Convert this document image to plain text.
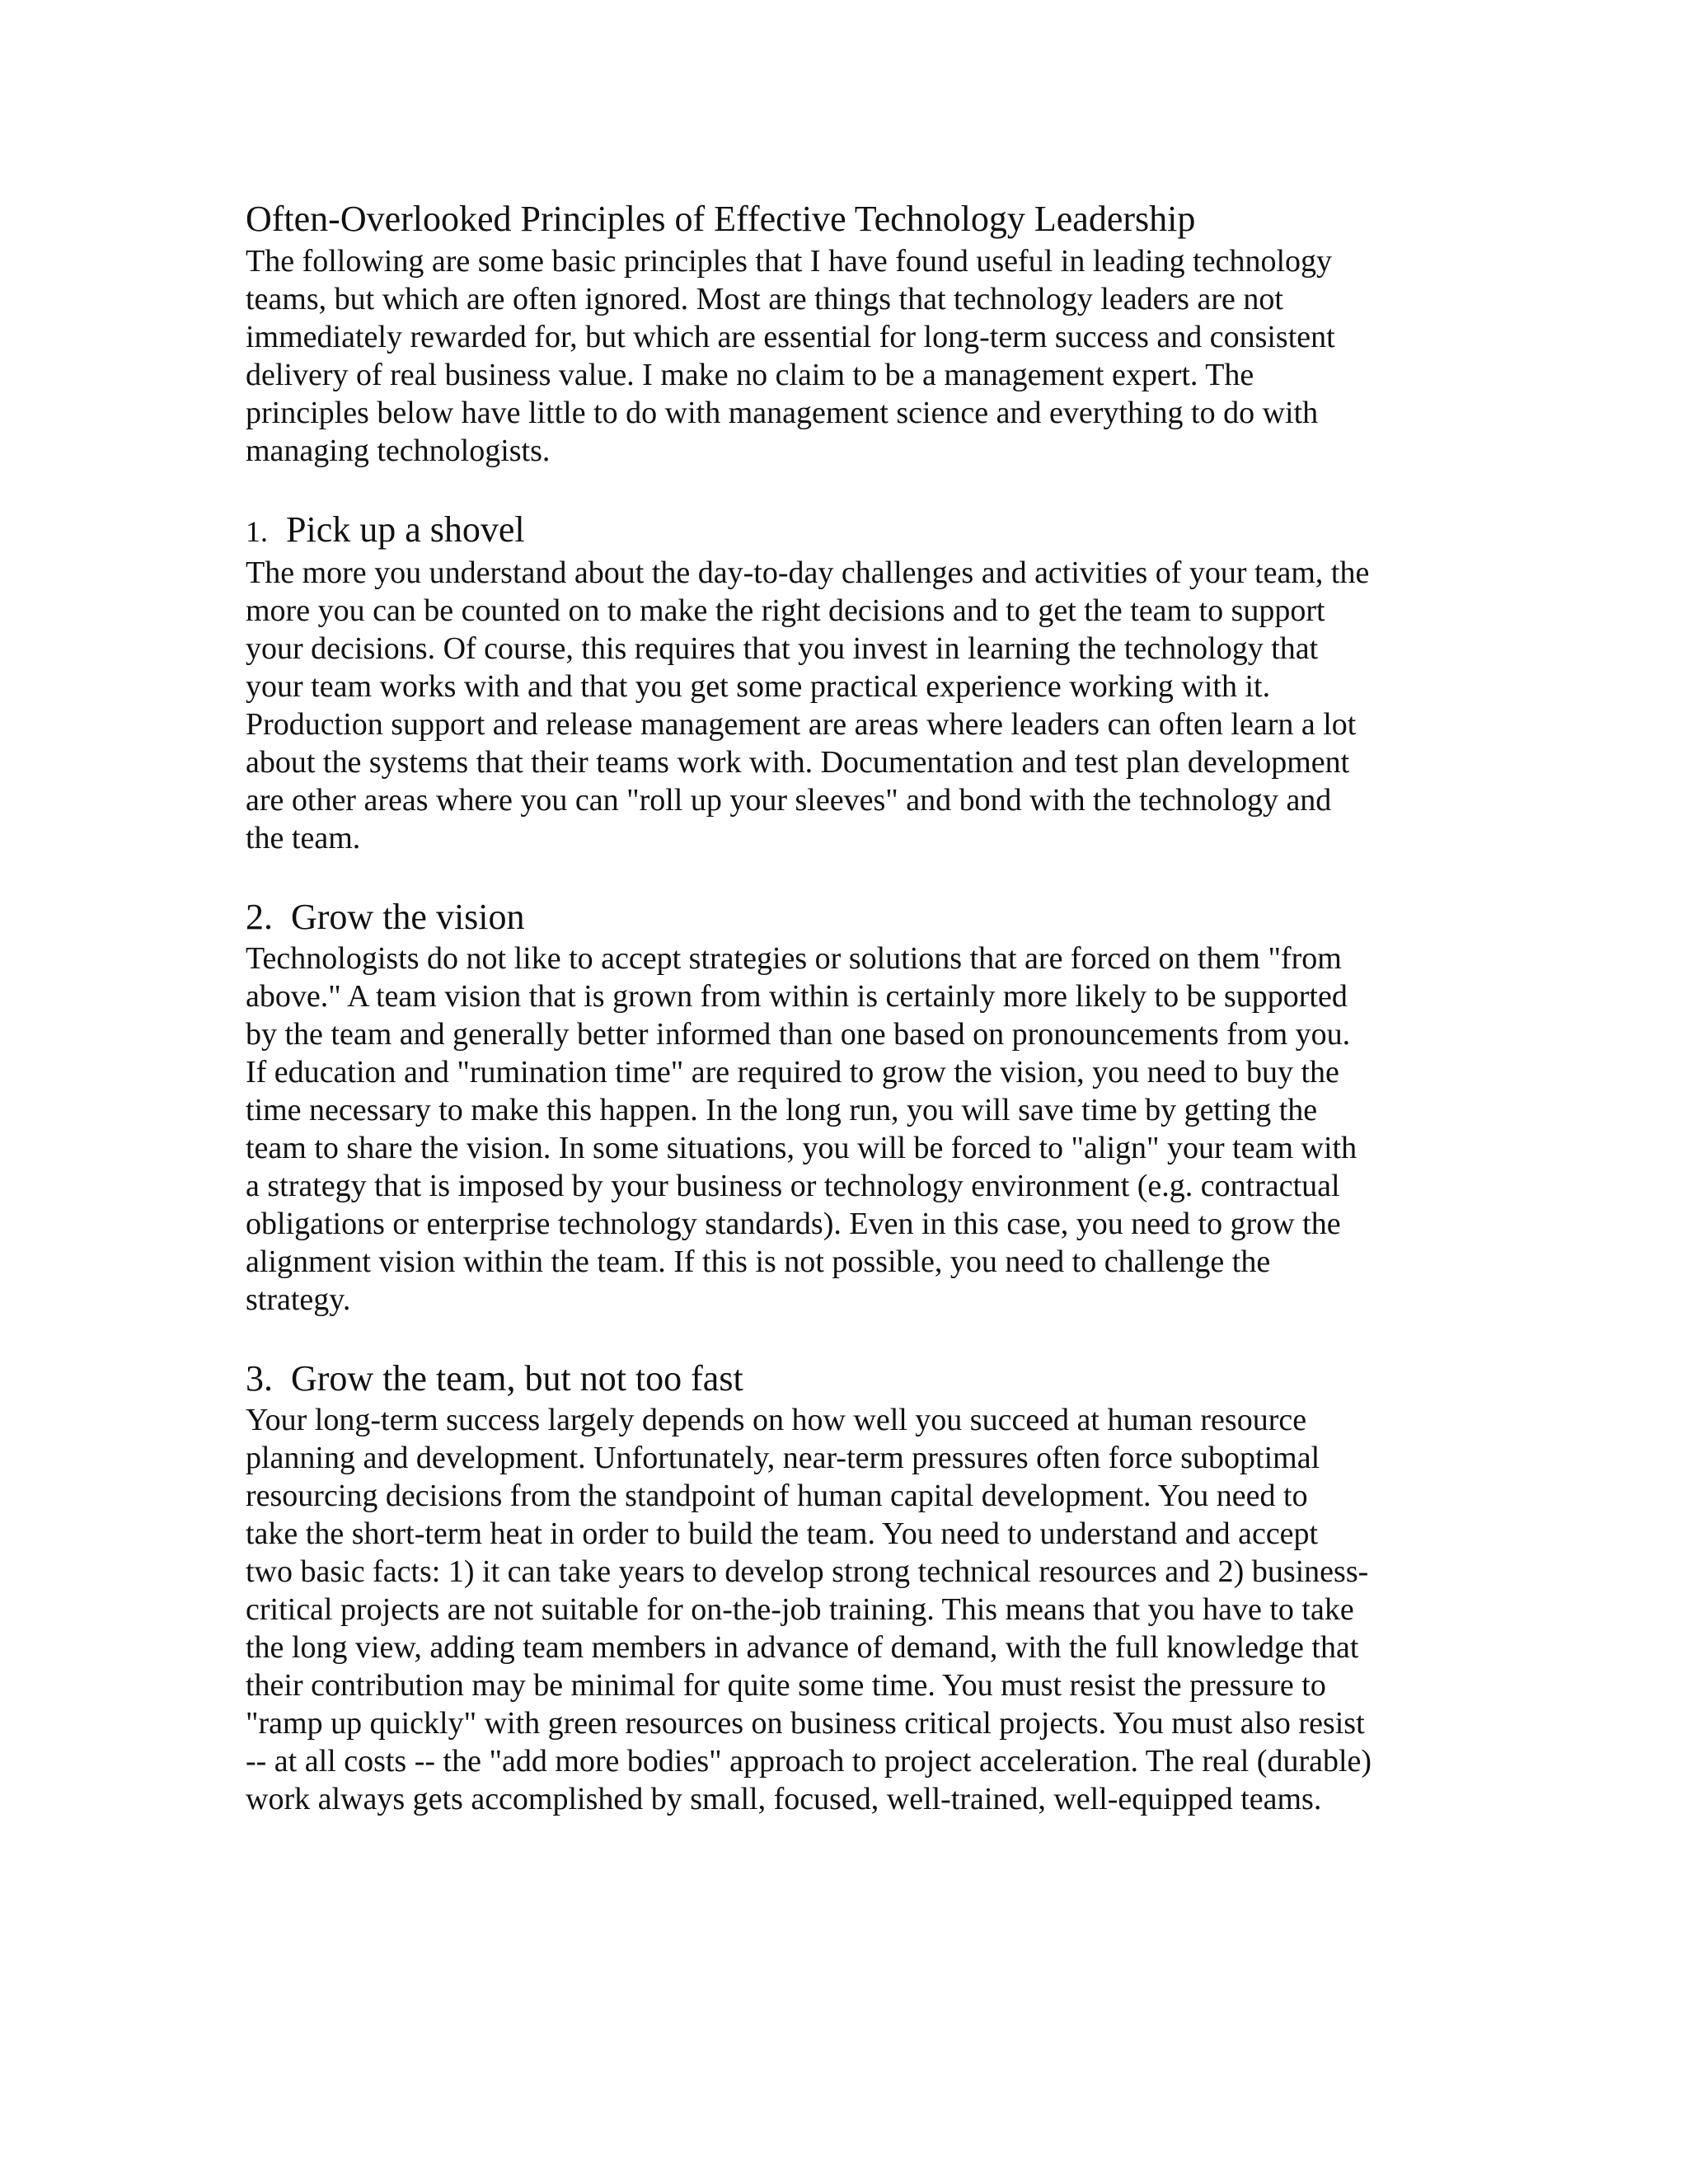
Often-Overlooked Principles of Effective Technology Leadership
The following are some basic principles that I have found useful in leading technology
teams, but which are often ignored. Most are things that technology leaders are not
immediately rewarded for, but which are essential for long-term success and consistent
delivery of real business value. I make no claim to be a management expert. The
principles below have little to do with management science and everything to do with
managing technologists.
1. Pick up a shovel
The more you understand about the day-to-day challenges and activities of your team, the
more you can be counted on to make the right decisions and to get the team to support
your decisions. Of course, this requires that you invest in learning the technology that
your team works with and that you get some practical experience working with it.
Production support and release management are areas where leaders can often learn a lot
about the systems that their teams work with. Documentation and test plan development
are other areas where you can "roll up your sleeves" and bond with the technology and
the team.
2. Grow the vision
Technologists do not like to accept strategies or solutions that are forced on them "from
above." A team vision that is grown from within is certainly more likely to be supported
by the team and generally better informed than one based on pronouncements from you.
If education and "rumination time" are required to grow the vision, you need to buy the
time necessary to make this happen. In the long run, you will save time by getting the
team to share the vision. In some situations, you will be forced to "align" your team with
a strategy that is imposed by your business or technology environment (e.g. contractual
obligations or enterprise technology standards). Even in this case, you need to grow the
alignment vision within the team. If this is not possible, you need to challenge the
strategy.
3. Grow the team, but not too fast
Your long-term success largely depends on how well you succeed at human resource
planning and development. Unfortunately, near-term pressures often force suboptimal
resourcing decisions from the standpoint of human capital development. You need to
take the short-term heat in order to build the team. You need to understand and accept
two basic facts: 1) it can take years to develop strong technical resources and 2) business-
critical projects are not suitable for on-the-job training. This means that you have to take
the long view, adding team members in advance of demand, with the full knowledge that
their contribution may be minimal for quite some time. You must resist the pressure to
"ramp up quickly" with green resources on business critical projects. You must also resist
-- at all costs -- the "add more bodies" approach to project acceleration. The real (durable)
work always gets accomplished by small, focused, well-trained, well-equipped teams.
